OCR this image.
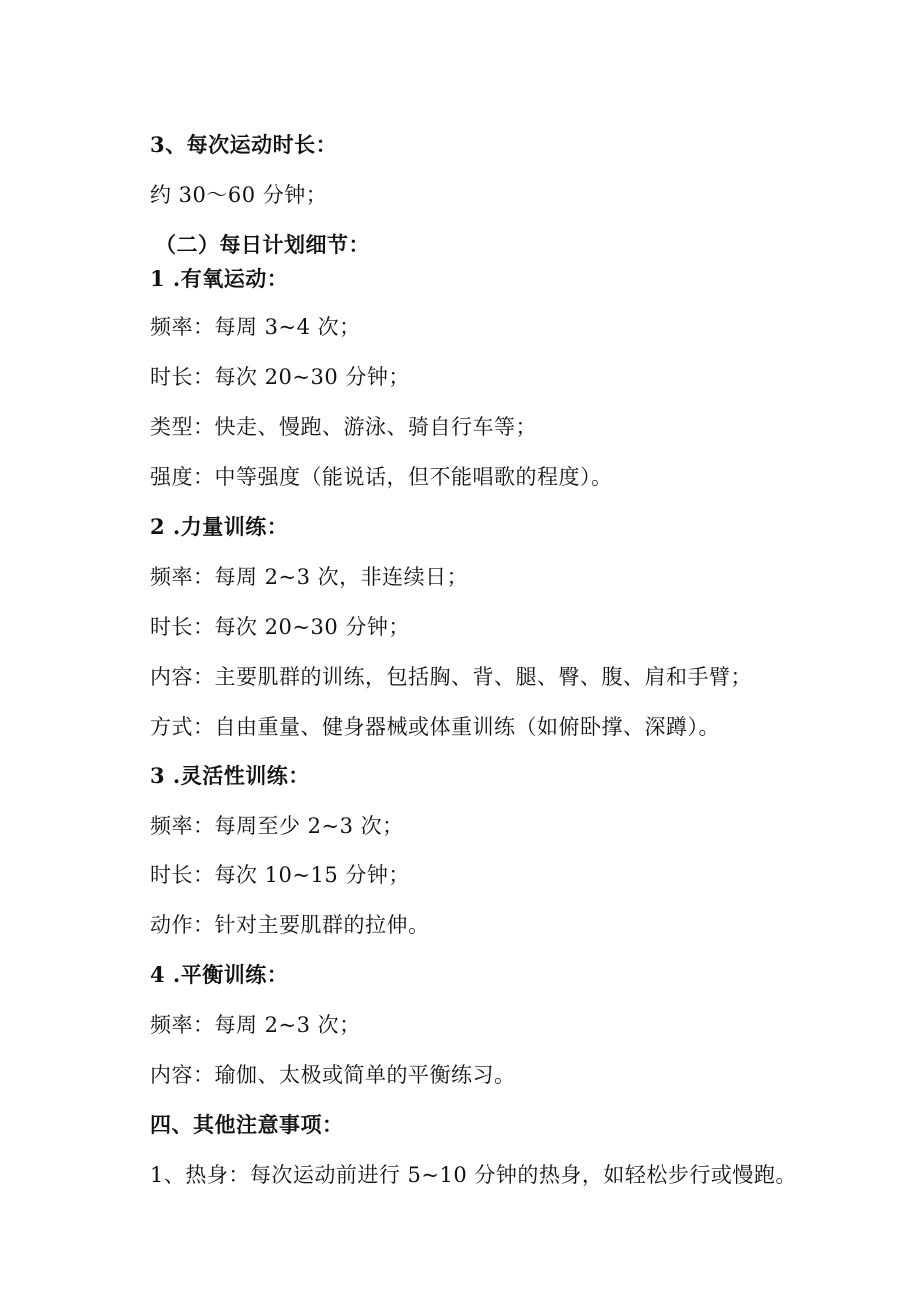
3、每次运动时长：
约 30～60 分钟；
（二）每日计划细节：
1 .有氧运动：
频率：每周 3~4 次；
时长：每次 20~30 分钟；
类型：快走、慢跑、游泳、骑自行车等；
强度：中等强度（能说话，但不能唱歌的程度）。
2 .力量训练：
频率：每周 2~3 次，非连续日；
时长：每次 20~30 分钟；
内容：主要肌群的训练，包括胸、背、腿、臀、腹、肩和手臂；
方式：自由重量、健身器械或体重训练（如俯卧撑、深蹲）。
3 .灵活性训练：
频率：每周至少 2~3 次；
时长：每次 10~15 分钟；
动作：针对主要肌群的拉伸。
4 .平衡训练：
频率：每周 2~3 次；
内容：瑜伽、太极或简单的平衡练习。
四、其他注意事项：
1、热身：每次运动前进行 5~10 分钟的热身，如轻松步行或慢跑。
